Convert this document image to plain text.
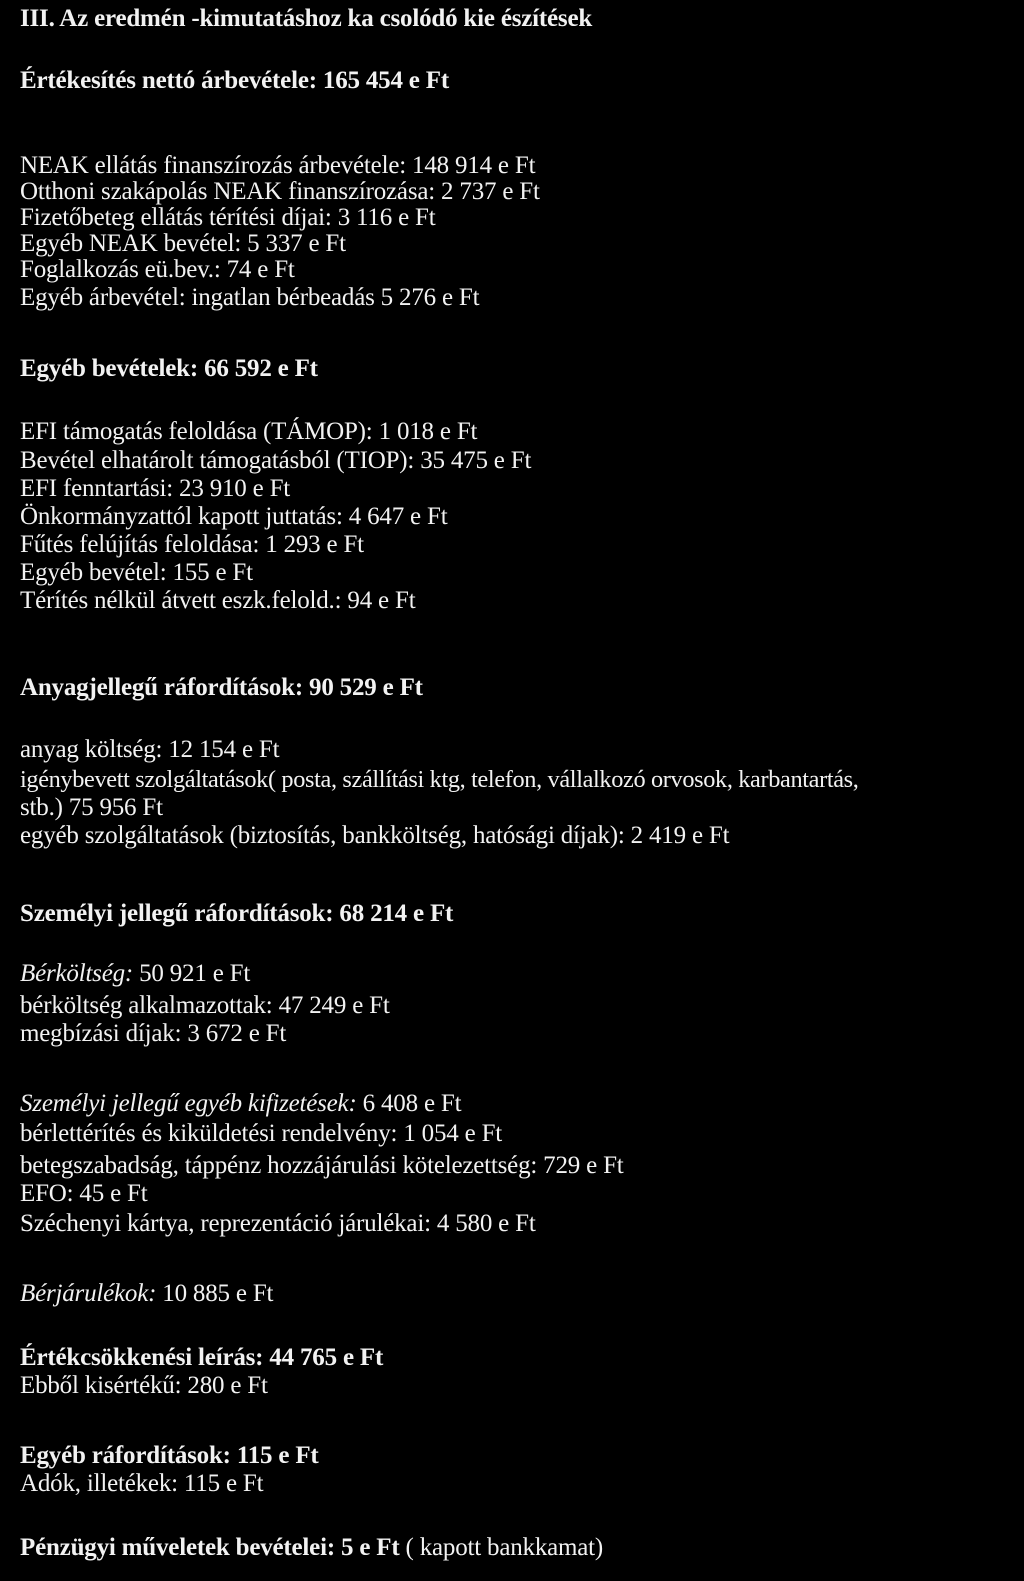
III. Az eredmén -kimutatáshoz ka csolódó kie észítések
Értékesítés nettó árbevétele: 165 454 e Ft
NEAK ellátás finanszírozás árbevétele: 148 914 e Ft
Otthoni szakápolás NEAK finanszírozása: 2 737 e Ft
Fizetőbeteg ellátás térítési díjai: 3 116 e Ft
Egyéb NEAK bevétel: 5 337 e Ft
Foglalkozás eü.bev.: 74 e Ft
Egyéb árbevétel: ingatlan bérbeadás 5 276 e Ft
Egyéb bevételek: 66 592 e Ft
EFI támogatás feloldása (TÁMOP): 1 018 e Ft
Bevétel elhatárolt támogatásból (TIOP): 35 475 e Ft
EFI fenntartási: 23 910 e Ft
Önkormányzattól kapott juttatás: 4 647 e Ft
Fűtés felújítás feloldása: 1 293 e Ft
Egyéb bevétel: 155 e Ft
Térítés nélkül átvett eszk.felold.: 94 e Ft
Anyagjellegű ráfordítások: 90 529 e Ft
anyag költség: 12 154 e Ft
igénybevett szolgáltatások( posta, szállítási ktg, telefon, vállalkozó orvosok, karbantartás,
stb.) 75 956 Ft
egyéb szolgáltatások (biztosítás, bankköltség, hatósági díjak): 2 419 e Ft
Személyi jellegű ráfordítások: 68 214 e Ft
Bérköltség: 50 921 e Ft
bérköltség alkalmazottak: 47 249 e Ft
megbízási díjak: 3 672 e Ft
Személyi jellegű egyéb kifizetések: 6 408 e Ft
bérlettérítés és kiküldetési rendelvény: 1 054 e Ft
betegszabadság, táppénz hozzájárulási kötelezettség: 729 e Ft
EFO: 45 e Ft
Széchenyi kártya, reprezentáció járulékai: 4 580 e Ft
Bérjárulékok: 10 885 e Ft
Értékcsökkenési leírás: 44 765 e Ft
Ebből kisértékű: 280 e Ft
Egyéb ráfordítások: 115 e Ft
Adók, illetékek: 115 e Ft
Pénzügyi műveletek bevételei: 5 e Ft ( kapott bankkamat)
